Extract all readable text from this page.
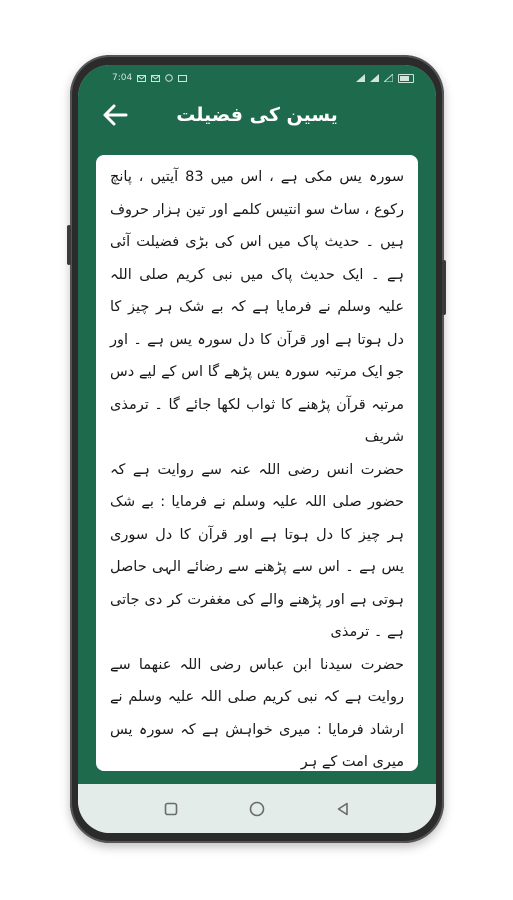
7:04
یسین کی فضیلت

سورہ یس مکی ہے ، اس میں 83 آیتیں ، پانچ رکوع ، ساٹ سو انتیس کلمے اور تین ہزار حروف ہیں ۔ حدیث پاک میں اس کی بڑی فضیلت آئی ہے ۔ ایک حدیث پاک میں نبی کریم صلی اللہ علیہ وسلم نے فرمایا ہے کہ بے شک ہر چیز کا دل ہوتا ہے اور قرآن کا دل سورہ یس ہے ۔ اور جو ایک مرتبہ سورہ یس پڑھے گا اس کے لیے دس مرتبہ قرآن پڑھنے کا ثواب لکھا جائے گا ۔ ترمذی شریف

حضرت انس رضی اللہ عنہ سے روایت ہے کہ حضور صلی اللہ علیہ وسلم نے فرمایا : بے شک ہر چیز کا دل ہوتا ہے اور قرآن کا دل سوری یس ہے ۔ اس سے پڑھنے سے رضائے الہی حاصل ہوتی ہے اور پڑھنے والے کی مغفرت کر دی جاتی ہے ۔ ترمذی

حضرت سیدنا ابن عباس رضی اللہ عنھما سے روایت ہے کہ نبی کریم صلی اللہ علیہ وسلم نے ارشاد فرمایا : میری خواہش ہے کہ سورہ یس میری امت کے ہر
